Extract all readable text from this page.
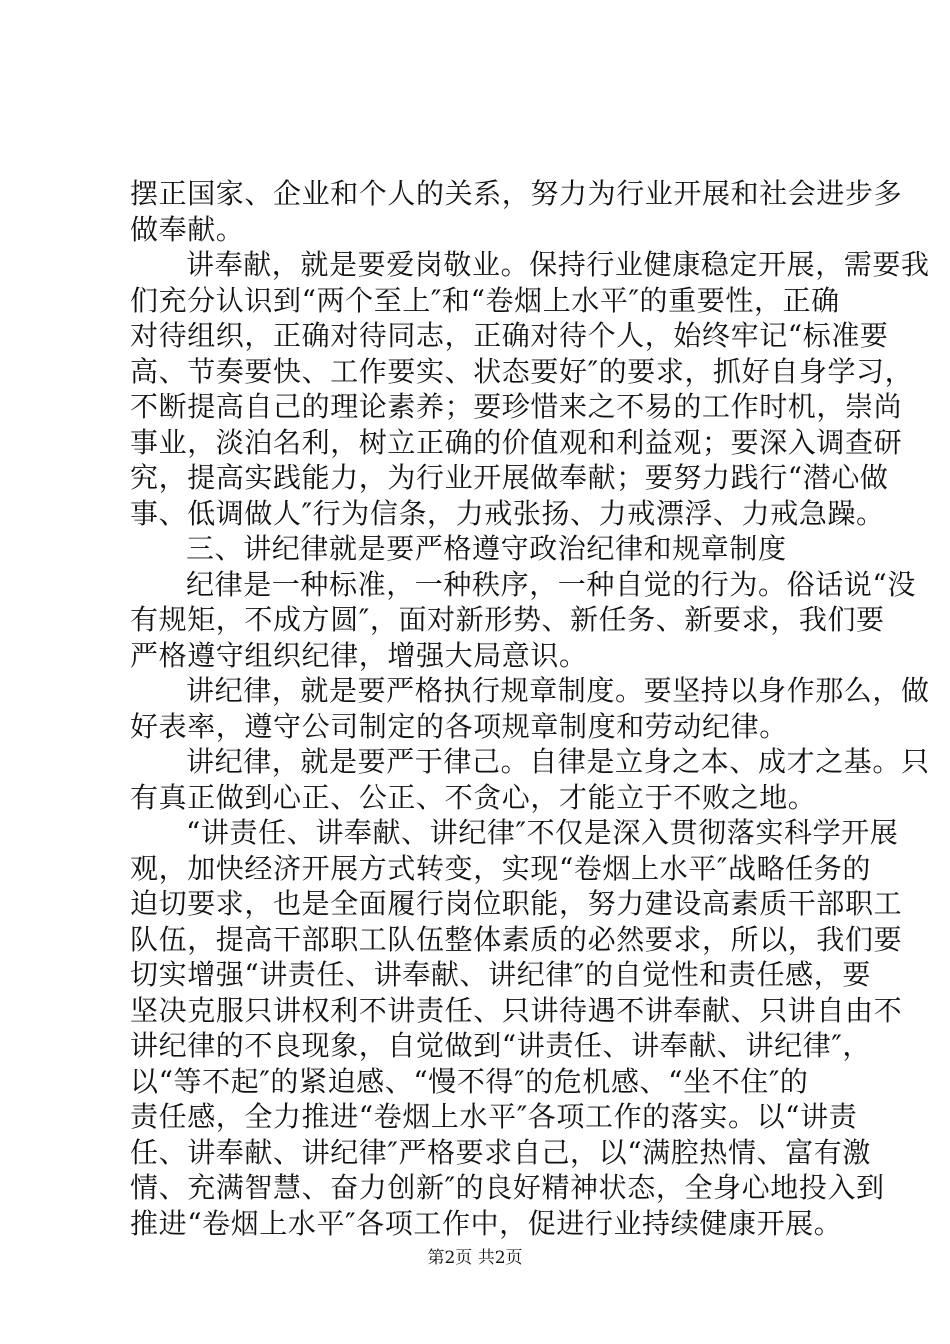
摆正国家、企业和个人的关系，努力为行业开展和社会进步多
做奉献。
讲奉献，就是要爱岗敬业。保持行业健康稳定开展，需要我
们充分认识到“两个至上″和“卷烟上水平″的重要性，正确
对待组织，正确对待同志，正确对待个人，始终牢记“标准要
高、节奏要快、工作要实、状态要好″的要求，抓好自身学习，
不断提高自己的理论素养；要珍惜来之不易的工作时机，崇尚
事业，淡泊名利，树立正确的价值观和利益观；要深入调查研
究，提高实践能力，为行业开展做奉献；要努力践行“潜心做
事、低调做人″行为信条，力戒张扬、力戒漂浮、力戒急躁。
三、讲纪律就是要严格遵守政治纪律和规章制度
纪律是一种标准，一种秩序，一种自觉的行为。俗话说“没
有规矩，不成方圆″，面对新形势、新任务、新要求，我们要
严格遵守组织纪律，增强大局意识。
讲纪律，就是要严格执行规章制度。要坚持以身作那么，做
好表率，遵守公司制定的各项规章制度和劳动纪律。
讲纪律，就是要严于律己。自律是立身之本、成才之基。只
有真正做到心正、公正、不贪心，才能立于不败之地。
“讲责任、讲奉献、讲纪律″不仅是深入贯彻落实科学开展
观，加快经济开展方式转变，实现“卷烟上水平″战略任务的
迫切要求，也是全面履行岗位职能，努力建设高素质干部职工
队伍，提高干部职工队伍整体素质的必然要求，所以，我们要
切实增强“讲责任、讲奉献、讲纪律″的自觉性和责任感，要
坚决克服只讲权利不讲责任、只讲待遇不讲奉献、只讲自由不
讲纪律的不良现象，自觉做到“讲责任、讲奉献、讲纪律″，
以“等不起″的紧迫感、“慢不得″的危机感、“坐不住″的
责任感，全力推进“卷烟上水平″各项工作的落实。以“讲责
任、讲奉献、讲纪律″严格要求自己，以“满腔热情、富有激
情、充满智慧、奋力创新″的良好精神状态，全身心地投入到
推进“卷烟上水平″各项工作中，促进行业持续健康开展。
第2页 共2页
